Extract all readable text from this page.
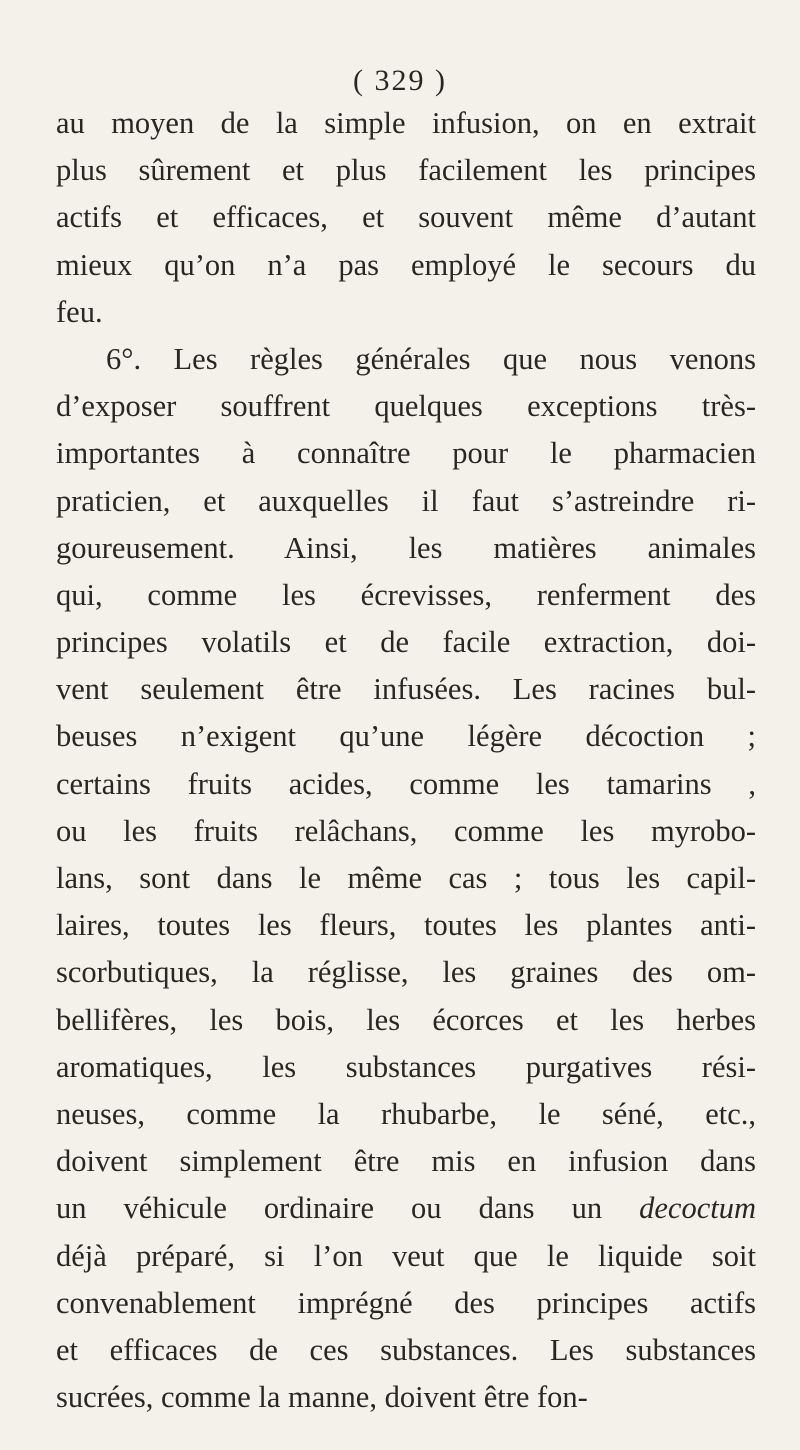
( 329 )
au moyen de la simple infusion, on en extrait
plus sûrement et plus facilement les principes
actifs et efficaces, et souvent même d’autant
mieux qu’on n’a pas employé le secours du
feu.
6°. Les règles générales que nous venons
d’exposer souffrent quelques exceptions très-
importantes à connaître pour le pharmacien
praticien, et auxquelles il faut s’astreindre ri-
goureusement. Ainsi, les matières animales
qui, comme les écrevisses, renferment des
principes volatils et de facile extraction, doi-
vent seulement être infusées. Les racines bul-
beuses n’exigent qu’une légère décoction ;
certains fruits acides, comme les tamarins ,
ou les fruits relâchans, comme les myrobo-
lans, sont dans le même cas ; tous les capil-
laires, toutes les fleurs, toutes les plantes anti-
scorbutiques, la réglisse, les graines des om-
bellifères, les bois, les écorces et les herbes
aromatiques, les substances purgatives rési-
neuses, comme la rhubarbe, le séné, etc.,
doivent simplement être mis en infusion dans
un véhicule ordinaire ou dans un decoctum
déjà préparé, si l’on veut que le liquide soit
convenablement imprégné des principes actifs
et efficaces de ces substances. Les substances
sucrées, comme la manne, doivent être fon-
